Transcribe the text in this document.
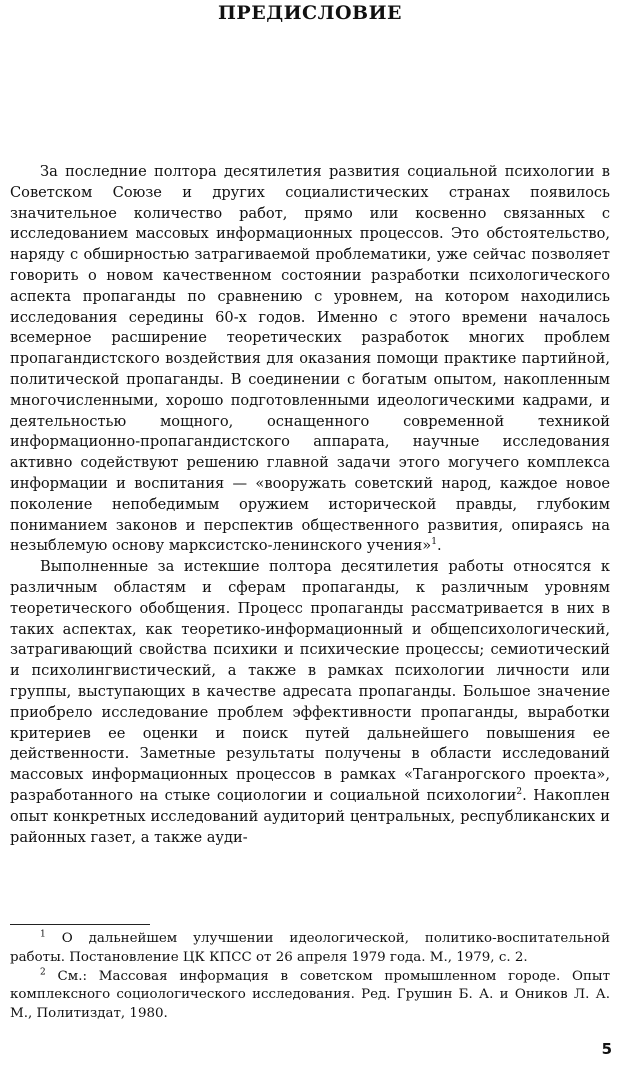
ПРЕДИСЛОВИЕ

За последние полтора десятилетия развития социальной психологии в Советском Союзе и других социалистических странах появилось значительное количество работ, прямо или косвенно связанных с исследованием массовых информационных процессов. Это обстоятельство, наряду с обширностью затрагиваемой проблематики, уже сейчас позволяет говорить о новом качественном состоянии разработки психологического аспекта пропаганды по сравнению с уровнем, на котором находились исследования середины 60-х годов. Именно с этого времени началось всемерное расширение теоретических разработок многих проблем пропагандистского воздействия для оказания помощи практике партийной, политической пропаганды. В соединении с богатым опытом, накопленным многочисленными, хорошо подготовленными идеологическими кадрами, и деятельностью мощного, оснащенного современной техникой информационно-пропагандистского аппарата, научные исследования активно содействуют решению главной задачи этого могучего комплекса информации и воспитания — «вооружать советский народ, каждое новое поколение непобедимым оружием исторической правды, глубоким пониманием законов и перспектив общественного развития, опираясь на незыблемую основу марксистско-ленинского учения»$^1$.

Выполненные за истекшие полтора десятилетия работы относятся к различным областям и сферам пропаганды, к различным уровням теоретического обобщения. Процесс пропаганды рассматривается в них в таких аспектах, как теоретико-информационный и общепсихологический, затрагивающий свойства психики и психические процессы; семиотический и психолингвистический, а также в рамках психологии личности или группы, выступающих в качестве адресата пропаганды. Большое значение приобрело исследование проблем эффективности пропаганды, выработки критериев ее оценки и поиск путей дальнейшего повышения ее действенности. Заметные результаты получены в области исследований массовых информационных процессов в рамках «Таганрогского проекта», разработанного на стыке социологии и социальной психологии$^2$. Накоплен опыт конкретных исследований аудиторий центральных, республиканских и районных газет, а также ауди-

$^1$ О дальнейшем улучшении идеологической, политико-воспитательной работы. Постановление ЦК КПСС от 26 апреля 1979 года. М., 1979, с. 2.

$^2$ См.: Массовая информация в советском промышленном городе. Опыт комплексного социологического исследования. Ред. Грушин Б. А. и Оников Л. А. М., Политиздат, 1980.

5
